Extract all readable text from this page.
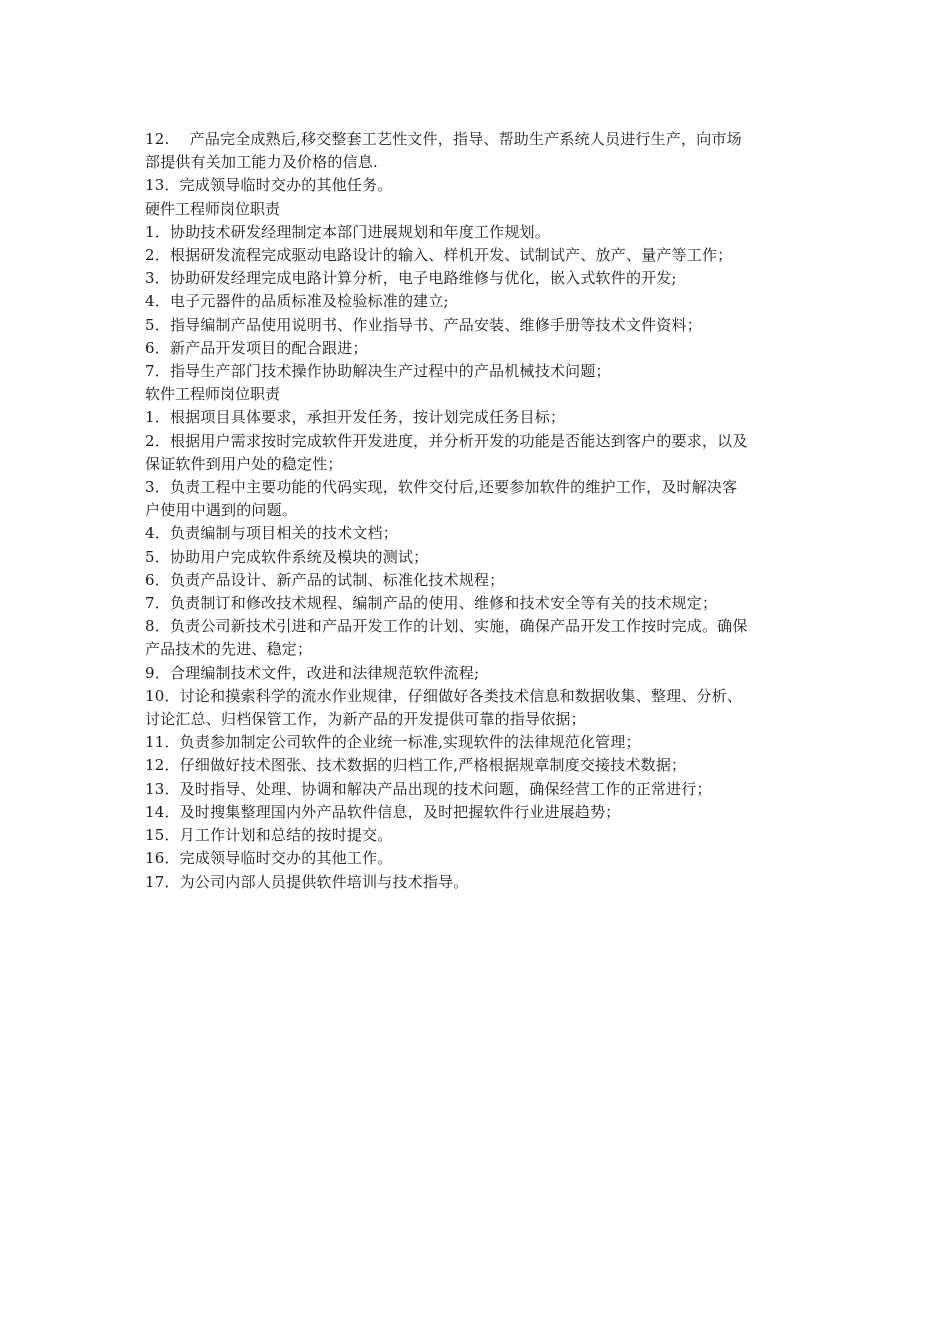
12.　 产品完全成熟后,移交整套工艺性文件，指导、帮助生产系统人员进行生产，向市场
部提供有关加工能力及价格的信息.
13．完成领导临时交办的其他任务。
硬件工程师岗位职责
1．协助技术研发经理制定本部门进展规划和年度工作规划。
2．根据研发流程完成驱动电路设计的输入、样机开发、试制试产、放产、量产等工作；
3．协助研发经理完成电路计算分析，电子电路维修与优化，嵌入式软件的开发;
4．电子元器件的品质标准及检验标准的建立;
5．指导编制产品使用说明书、作业指导书、产品安装、维修手册等技术文件资料；
6．新产品开发项目的配合跟进；
7．指导生产部门技术操作协助解决生产过程中的产品机械技术问题；
软件工程师岗位职责
1．根据项目具体要求，承担开发任务，按计划完成任务目标；
2．根据用户需求按时完成软件开发进度，并分析开发的功能是否能达到客户的要求，以及
保证软件到用户处的稳定性；
3．负责工程中主要功能的代码实现，软件交付后,还要参加软件的维护工作，及时解决客
户使用中遇到的问题。
4．负责编制与项目相关的技术文档；
5．协助用户完成软件系统及模块的测试；
6．负责产品设计、新产品的试制、标准化技术规程；
7．负责制订和修改技术规程、编制产品的使用、维修和技术安全等有关的技术规定；
8．负责公司新技术引进和产品开发工作的计划、实施，确保产品开发工作按时完成。确保
产品技术的先进、稳定；
9．合理编制技术文件，改进和法律规范软件流程;
10．讨论和摸索科学的流水作业规律，仔细做好各类技术信息和数据收集、整理、分析、
讨论汇总、归档保管工作，为新产品的开发提供可靠的指导依据；
11．负责参加制定公司软件的企业统一标准,实现软件的法律规范化管理；
12．仔细做好技术图张、技术数据的归档工作,严格根据规章制度交接技术数据；
13．及时指导、处理、协调和解决产品出现的技术问题，确保经营工作的正常进行；
14．及时搜集整理国内外产品软件信息，及时把握软件行业进展趋势；
15．月工作计划和总结的按时提交。
16．完成领导临时交办的其他工作。
17．为公司内部人员提供软件培训与技术指导。
